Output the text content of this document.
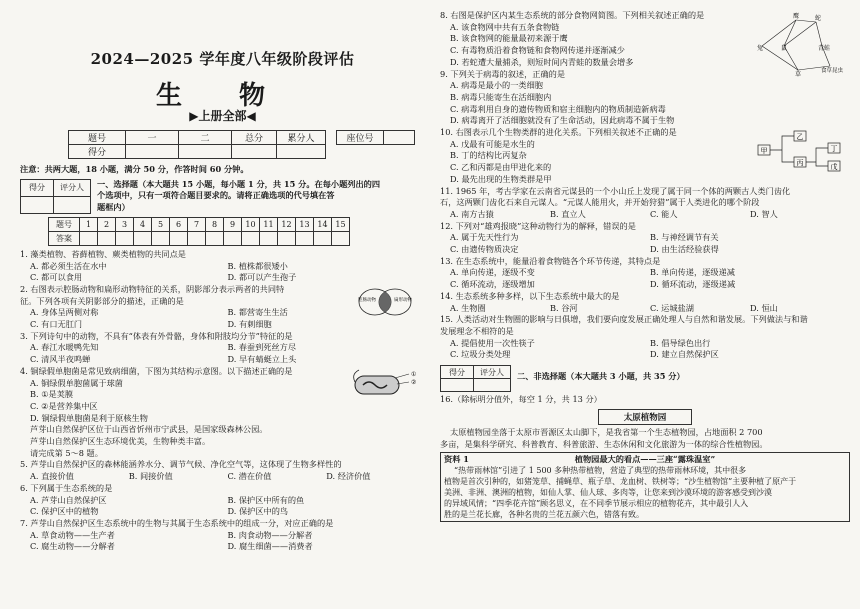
2024—2025 学年度八年级阶段评估
生 物
▶上册全部◀
题号	一	二	总分	累分人
得分				
座位号	
注意：共两大题，18 小题，满分 50 分，作答时间 60 分钟。
得分	评分人
	一、选择题（本大题共 15 小题，每小题 1 分，共 15 分。在每小题列出的四
个选项中，只有一项符合题目要求的。请将正确选项的代号填在答
题框内）
题号	1	2	3	4	5	6	7	8	9	10	11	12	13	14	15
答案															
1. 藻类植物、苔藓植物、蕨类植物的共同点是
A. 都必须生活在水中	B. 植株都很矮小
C. 都可以食用	D. 都可以产生孢子
2. 右图表示腔肠动物和扁形动物特征的关系，阴影部分表示两者的共同特
征。下列各项有关阴影部分的描述，正确的是
A. 身体呈两侧对称	B. 都营寄生生活
C. 有口无肛门	D. 有刺细胞
腔肠动物	扁形动物
3. 下列诗句中的动物，不具有“体表有外骨骼，身体和附肢均分节”特征的是
A. 春江水暖鸭先知	B. 春蚕到死丝方尽
C. 清风半夜鸣蝉	D. 早有蜻蜓立上头
4. 铜绿假单胞菌是常见致病细菌，下图为其结构示意图。以下描述正确的是
A. 铜绿假单胞菌属于球菌
B. ①是荚膜
C. ②是营养集中区
D. 铜绿假单胞菌是利于原核生物
①
②
芦芽山自然保护区位于山西省忻州市宁武县，是国家级森林公园。
芦芽山自然保护区生态环境优美，生物种类丰富。
请完成第 5～8 题。
5. 芦芽山自然保护区的森林能涵养水分、调节气候、净化空气等，这体现了生物多样性的
A. 直接价值	B. 间接价值	C. 潜在价值	D. 经济价值
6. 下列属于生态系统的是
A. 芦芽山自然保护区	B. 保护区中所有的鱼
C. 保护区中的植物	D. 保护区中的鸟
7. 芦芽山自然保护区生态系统中的生物与其属于生态系统中的组成一分，对应正确的是
A. 草食动物——生产者	B. 肉食动物——分解者
C. 腐生动物——分解者	D. 腐生细菌——消费者
8. 右图是保护区内某生态系统的部分食物网简图。下列相关叙述正确的是
A. 该食物网中共有五条食物链
B. 该食物网的能量最初来源于鹰
C. 有毒物质沿着食物链和食物网传递并逐渐减少
D. 若蛇遭大量捕杀，则短时间内青蛙的数量会增多
鹰	蛇
兔	鼠	青蛙
草	食草昆虫
9. 下列关于病毒的叙述，正确的是
A. 病毒是最小的一类细胞
B. 病毒只能寄生在活细胞内
C. 病毒利用自身的遗传物质和宿主细胞内的物质制造新病毒
D. 病毒离开了活细胞就没有了生命活动，因此病毒不属于生物
10. 右图表示几个生物类群的进化关系。下列相关叙述不正确的是
A. 戊最有可能是水生的
B. 丁的结构比丙复杂
C. 乙和丙都是由甲进化来的
D. 最先出现的生物类群是甲
甲
乙
丙
丁
戊
11. 1965 年，考古学家在云南省元谋县的一个小山丘上发现了属于同一个体的两颗古人类门齿化
石，这两颗门齿化石来自元谋人。“元谋人能用火，并开始狩猎”属于人类进化的哪个阶段
A. 南方古猿	B. 直立人	C. 能人	D. 智人
12. 下列对“雄鸡报晓”这种动物行为的解释，错误的是
A. 属于先天性行为	B. 与神经调节有关
C. 由遗传物质决定	D. 由生活经验获得
13. 在生态系统中，能量沿着食物链各个环节传递，其特点是
A. 单向传递，逐级不变	B. 单向传递，逐级递减
C. 循环流动，逐级增加	D. 循环流动，逐级递减
14. 生态系统多种多样，以下生态系统中最大的是
A. 生物圈	B. 谷河	C. 运城盐湖	D. 恒山
15. 人类活动对生物圈的影响与日俱增，我们要向度发展正确处理人与自然和谐发展。下列做法与和谐
发展理念不相符的是
A. 提倡使用一次性筷子	B. 倡导绿色出行
C. 垃圾分类处理	D. 建立自然保护区
得分	评分人
	二、非选择题（本大题共 3 小题，共 35 分）
16.（除标明分值外，每空 1 分，共 13 分）
太原植物园
太原植物园坐落于太原市晋源区太山脚下，是我省第一个生态植物园，占地面积 2 700
多亩，是集科学研究、科普教育、科普旅游、生态休闲和文化旅游为一体的综合性植物园。
资料 1	植物园最大的看点——三座“露珠温室”
“热带雨林馆”引进了 1 500 多种热带植物，营造了典型的热带雨林环境，其中很多
植物是首次引种的，如猪笼草、捕蝇草、瓶子草、龙血树、铁树等；“沙生植物馆”主要种植了原产于
美洲、非洲、澳洲的植物，如仙人掌、仙人球、多肉等，让您来到沙漠环境的游客感受到沙漠
的异域风情；“四季花卉馆”顾名思义，在不同季节展示相应的植物花卉，其中最引人入
胜的是兰花长廊，各种名贵的兰花五颜六色，错落有致。
